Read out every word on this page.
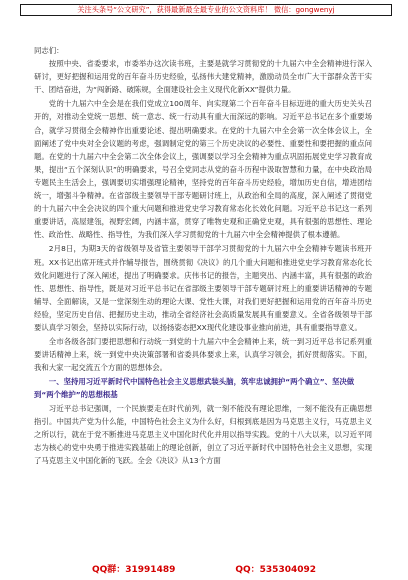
关注头条号“公文研究”，获得最新最全最专业的公文资料库！ 微信：gongwenyj

同志们：

按照中央、省委要求，市委举办这次读书班，主要是就学习贯彻党的十九届六中全会精神进行深入研讨，更好把握和运用党的百年奋斗历史经验，弘扬伟大建党精神，激励动员全市广大干部群众苦干实干、团结奋进，为“闯新路、破陈规，全面建设社会主义现代化新XX”提供力量。

党的十九届六中全会是在我们党成立100周年、向实现第二个百年奋斗目标迈进的重大历史关头召开的，对推动全党统一思想、统一意志、统一行动具有重大而深远的影响。习近平总书记在多个重要场合，就学习贯彻全会精神作出重要论述、提出明确要求。在党的十九届六中全会第一次全体会议上，全面阐述了党中央对全会议题的考虑，强调制定党的第三个历史决议的必要性、重要性和要把握的重点问题。在党的十九届六中全会第二次全体会议上，强调要以学习全会精神为重点巩固拓展党史学习教育成果，提出“五个深刻认识”的明确要求，号召全党同志从党的奋斗历程中汲取智慧和力量，在中央政治局专题民主生活会上，强调要切实增强理论精神，坚持党的百年奋斗历史经验，增加历史自信，增进团结统一，增强斗争精神。在省部级主要领导干部专题研讨班上，从政治和全局的高度，深入阐述了贯彻党的十九届六中全会决议的四个重大问题和推进党史学习教育常态化长效化问题。习近平总书记这一系列重要讲话，高屋建瓴，视野宏阔，内涵丰富，贯穿了唯物史观和正确党史观，具有很强的思想性、理论性、政治性、战略性、指导性，为我们深入学习贯彻党的十九届六中全会精神提供了根本遵循。

2月8日，为期3天的省级领导及省管主要领导干部学习贯彻党的十九届六中全会精神专题读书班开班。XX书记出席开班式并作辅导报告，围绕贯彻《决议》的几个重大问题和推进党史学习教育常态化长效化问题进行了深入阐述，提出了明确要求。庆伟书记的报告，主题突出、内涵丰富，具有很强的政治性、思想性、指导性，既是对习近平总书记在省部级主要领导干部专题研讨班上的重要讲话精神的专题辅导、全面解读，又是一堂深刻生动的理论大课、党性大课，对我们更好把握和运用党的百年奋斗历史经验，坚定历史自信、把握历史主动，推动全省经济社会高质量发展具有重要意义。全省各级领导干部要认真学习领会，坚持以实际行动，以扬扬姿态把XX现代化建设事业推向前进，具有重要指导意义。

全市各级各部门要把思想和行动统一到党的十九届六中全会精神上来，统一到习近平总书记系列重要讲话精神上来，统一到党中央决策部署和省委具体要求上来，认真学习领会，抓好贯彻落实。下面，我和大家一起交流五个方面的思想体会。

一、坚持用习近平新时代中国特色社会主义思想武装头脑，筑牢忠诚拥护“两个确立”、坚决做到“两个维护”的思想根基

习近平总书记强调，一个民族要走在时代前列，就一刻不能没有理论思维，一刻不能没有正确思想指引。中国共产党为什么能，中国特色社会主义为什么好，归根到底是因为马克思主义行，马克思主义之所以行，就在于党不断推进马克思主义中国化时代化并用以指导实践。党的十八大以来，以习近平同志为核心的党中央勇于推进实践基础上的理论创新，创立了习近平新时代中国特色社会主义思想，实现了马克思主义中国化新的飞跃。全会《决议》从13个方面

QQ群：31991489	QQ：535304092
